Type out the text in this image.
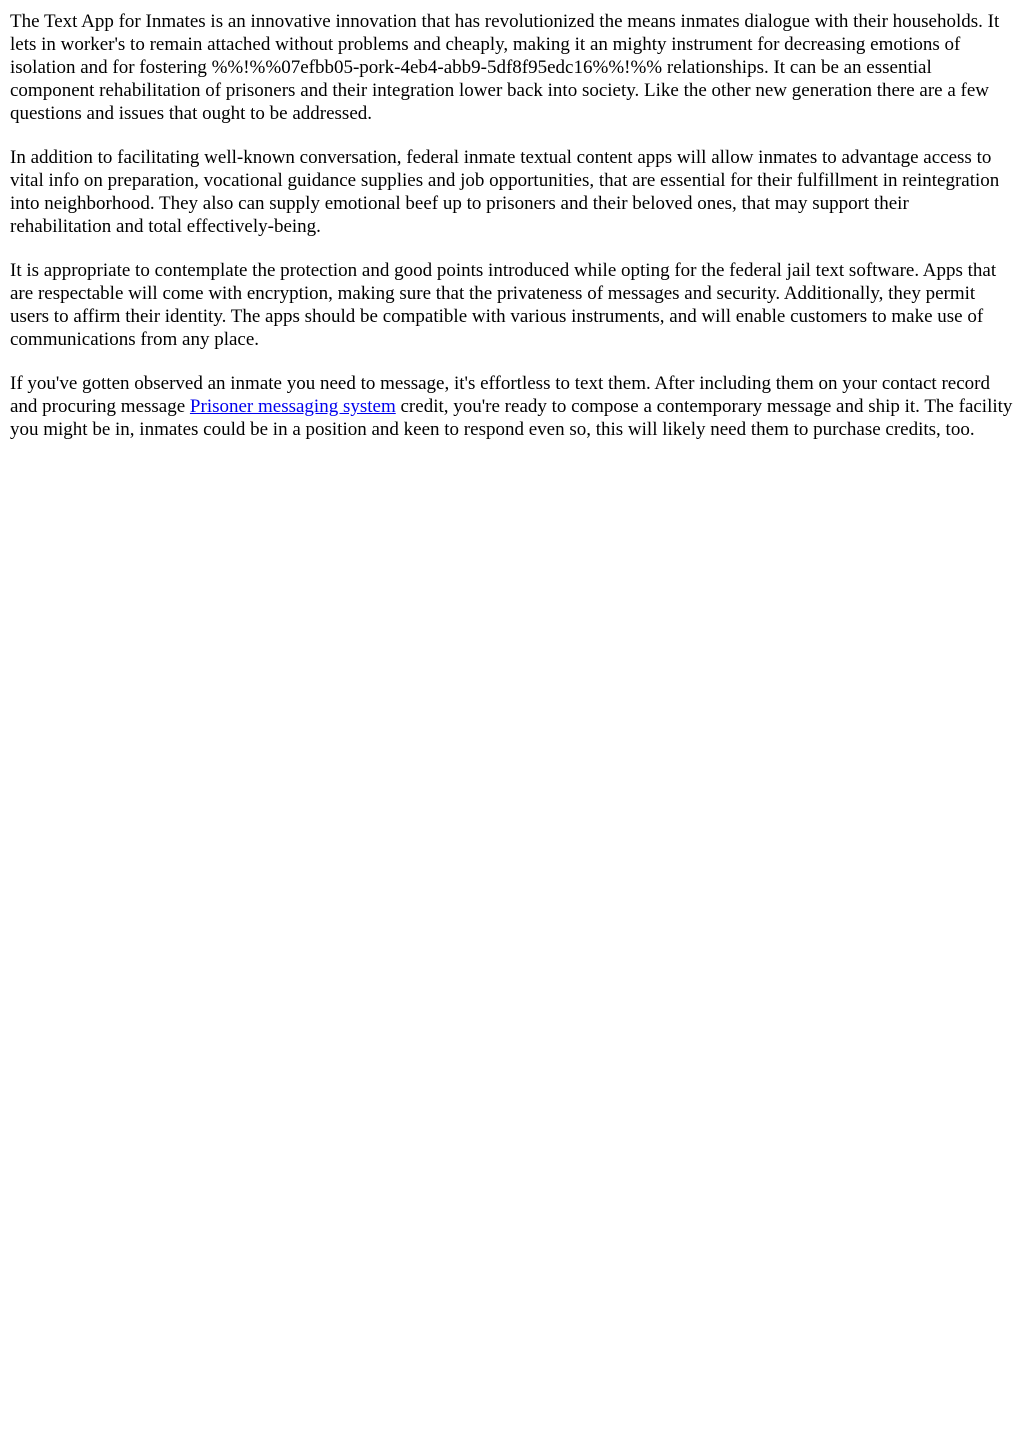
The Text App for Inmates is an innovative innovation that has revolutionized the means inmates dialogue with their households. It lets in worker's to remain attached without problems and cheaply, making it an mighty instrument for decreasing emotions of isolation and for fostering %%!%%07efbb05-pork-4eb4-abb9-5df8f95edc16%%!%% relationships. It can be an essential component rehabilitation of prisoners and their integration lower back into society. Like the other new generation there are a few questions and issues that ought to be addressed.

In addition to facilitating well-known conversation, federal inmate textual content apps will allow inmates to advantage access to vital info on preparation, vocational guidance supplies and job opportunities, that are essential for their fulfillment in reintegration into neighborhood. They also can supply emotional beef up to prisoners and their beloved ones, that may support their rehabilitation and total effectively-being.

It is appropriate to contemplate the protection and good points introduced while opting for the federal jail text software. Apps that are respectable will come with encryption, making sure that the privateness of messages and security. Additionally, they permit users to affirm their identity. The apps should be compatible with various instruments, and will enable customers to make use of communications from any place.

If you've gotten observed an inmate you need to message, it's effortless to text them. After including them on your contact record and procuring message Prisoner messaging system credit, you're ready to compose a contemporary message and ship it. The facility you might be in, inmates could be in a position and keen to respond even so, this will likely need them to purchase credits, too.
